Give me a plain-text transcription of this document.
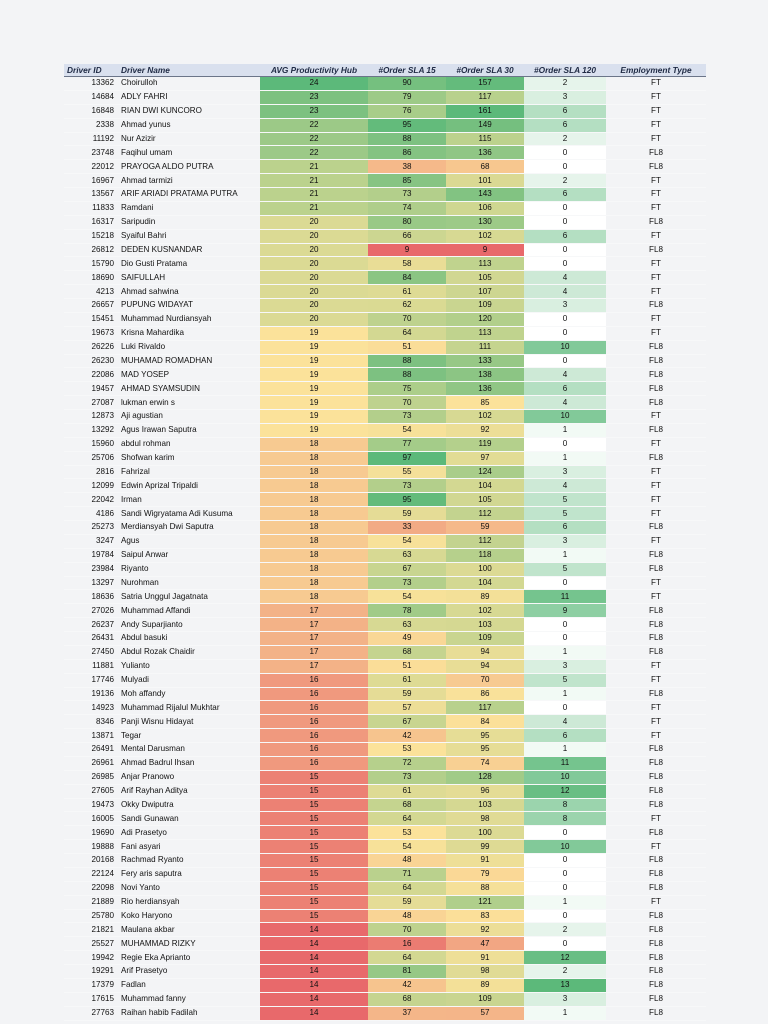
Driver ID	Driver Name	AVG Productivity Hub	#Order SLA 15	#Order SLA 30	#Order SLA 120	Employment Type
13362	Choirulloh	24	90	157	2	FT
14684	ADLY FAHRI	23	79	117	3	FT
16848	RIAN DWI KUNCORO	23	76	161	6	FT
2338	Ahmad yunus	22	95	149	6	FT
11192	Nur Azizir	22	88	115	2	FT
23748	Faqihul umam	22	86	136	0	FL8
22012	PRAYOGA ALDO PUTRA	21	38	68	0	FL8
16967	Ahmad tarmizi	21	85	101	2	FT
13567	ARIF ARIADI PRATAMA PUTRA	21	73	143	6	FT
11833	Ramdani	21	74	106	0	FT
16317	Saripudin	20	80	130	0	FL8
15218	Syaiful Bahri	20	66	102	6	FT
26812	DEDEN KUSNANDAR	20	9	9	0	FL8
15790	Dio Gusti Pratama	20	58	113	0	FT
18690	SAIFULLAH	20	84	105	4	FT
4213	Ahmad sahwina	20	61	107	4	FT
26657	PUPUNG WIDAYAT	20	62	109	3	FL8
15451	Muhammad Nurdiansyah	20	70	120	0	FT
19673	Krisna Mahardika	19	64	113	0	FT
26226	Luki Rivaldo	19	51	111	10	FL8
26230	MUHAMAD ROMADHAN	19	88	133	0	FL8
22086	MAD YOSEP	19	88	138	4	FL8
19457	AHMAD SYAMSUDIN	19	75	136	6	FL8
27087	lukman erwin s	19	70	85	4	FL8
12873	Aji agustian	19	73	102	10	FT
13292	Agus Irawan Saputra	19	54	92	1	FL8
15960	abdul rohman	18	77	119	0	FT
25706	Shofwan karim	18	97	97	1	FL8
2816	Fahrizal	18	55	124	3	FT
12099	Edwin Aprizal Tripaldi	18	73	104	4	FT
22042	Irman	18	95	105	5	FT
4186	Sandi Wigryatama Adi Kusuma	18	59	112	5	FT
25273	Merdiansyah Dwi Saputra	18	33	59	6	FL8
3247	Agus	18	54	112	3	FT
19784	Saipul Anwar	18	63	118	1	FL8
23984	Riyanto	18	67	100	5	FL8
13297	Nurohman	18	73	104	0	FT
18636	Satria Unggul Jagatnata	18	54	89	11	FT
27026	Muhammad Affandi	17	78	102	9	FL8
26237	Andy Suparjianto	17	63	103	0	FL8
26431	Abdul basuki	17	49	109	0	FL8
27450	Abdul Rozak Chaidir	17	68	94	1	FL8
11881	Yulianto	17	51	94	3	FT
17746	Mulyadi	16	61	70	5	FT
19136	Moh affandy	16	59	86	1	FL8
14923	Muhammad Rijalul Mukhtar	16	57	117	0	FT
8346	Panji Wisnu Hidayat	16	67	84	4	FT
13871	Tegar	16	42	95	6	FT
26491	Mental Darusman	16	53	95	1	FL8
26961	Ahmad Badrul Ihsan	16	72	74	11	FL8
26985	Anjar Pranowo	15	73	128	10	FL8
27605	Arif Rayhan Aditya	15	61	96	12	FL8
19473	Okky Dwiputra	15	68	103	8	FL8
16005	Sandi Gunawan	15	64	98	8	FT
19690	Adi Prasetyo	15	53	100	0	FL8
19888	Fani asyari	15	54	99	10	FT
20168	Rachmad Ryanto	15	48	91	0	FL8
22124	Fery aris saputra	15	71	79	0	FL8
22098	Novi Yanto	15	64	88	0	FL8
21889	Rio herdiansyah	15	59	121	1	FT
25780	Koko Haryono	15	48	83	0	FL8
21821	Maulana akbar	14	70	92	2	FL8
25527	MUHAMMAD RIZKY	14	16	47	0	FL8
19942	Regie Eka Aprianto	14	64	91	12	FL8
19291	Arif Prasetyo	14	81	98	2	FL8
17379	Fadlan	14	42	89	13	FL8
17615	Muhammad fanny	14	68	109	3	FL8
27763	Raihan habib Fadilah	14	37	57	1	FL8
